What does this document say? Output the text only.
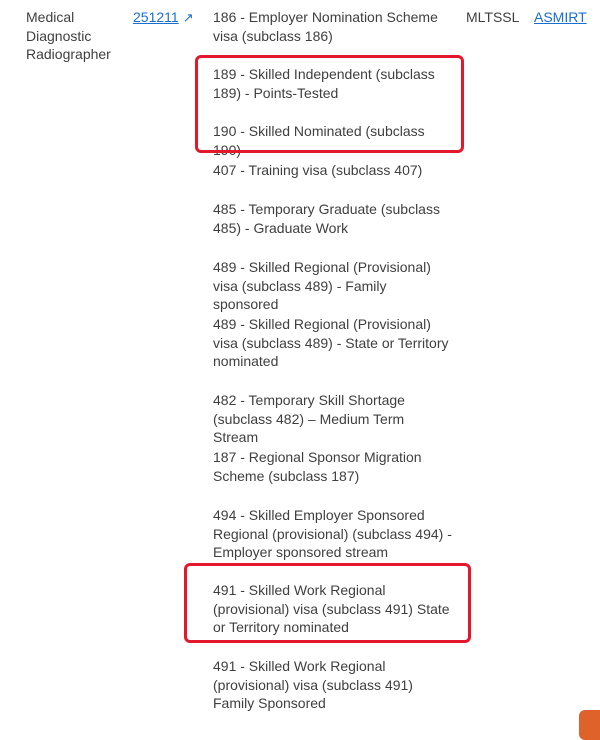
Medical Diagnostic Radiographer
251211 ↗ 186 - Employer Nomination Scheme visa (subclass 186)
189 - Skilled Independent (subclass 189) - Points-Tested
190 - Skilled Nominated (subclass 190)
407 - Training visa (subclass 407)
485 - Temporary Graduate (subclass 485) - Graduate Work
489 - Skilled Regional (Provisional) visa (subclass 489) - Family sponsored
489 - Skilled Regional (Provisional) visa (subclass 489) - State or Territory nominated
482 - Temporary Skill Shortage (subclass 482) – Medium Term Stream
187 - Regional Sponsor Migration Scheme (subclass 187)
494 - Skilled Employer Sponsored Regional (provisional) (subclass 494) - Employer sponsored stream
491 - Skilled Work Regional (provisional) visa (subclass 491) State or Territory nominated
491 - Skilled Work Regional (provisional) visa (subclass 491) Family Sponsored
MLTSSL ASMIRT
